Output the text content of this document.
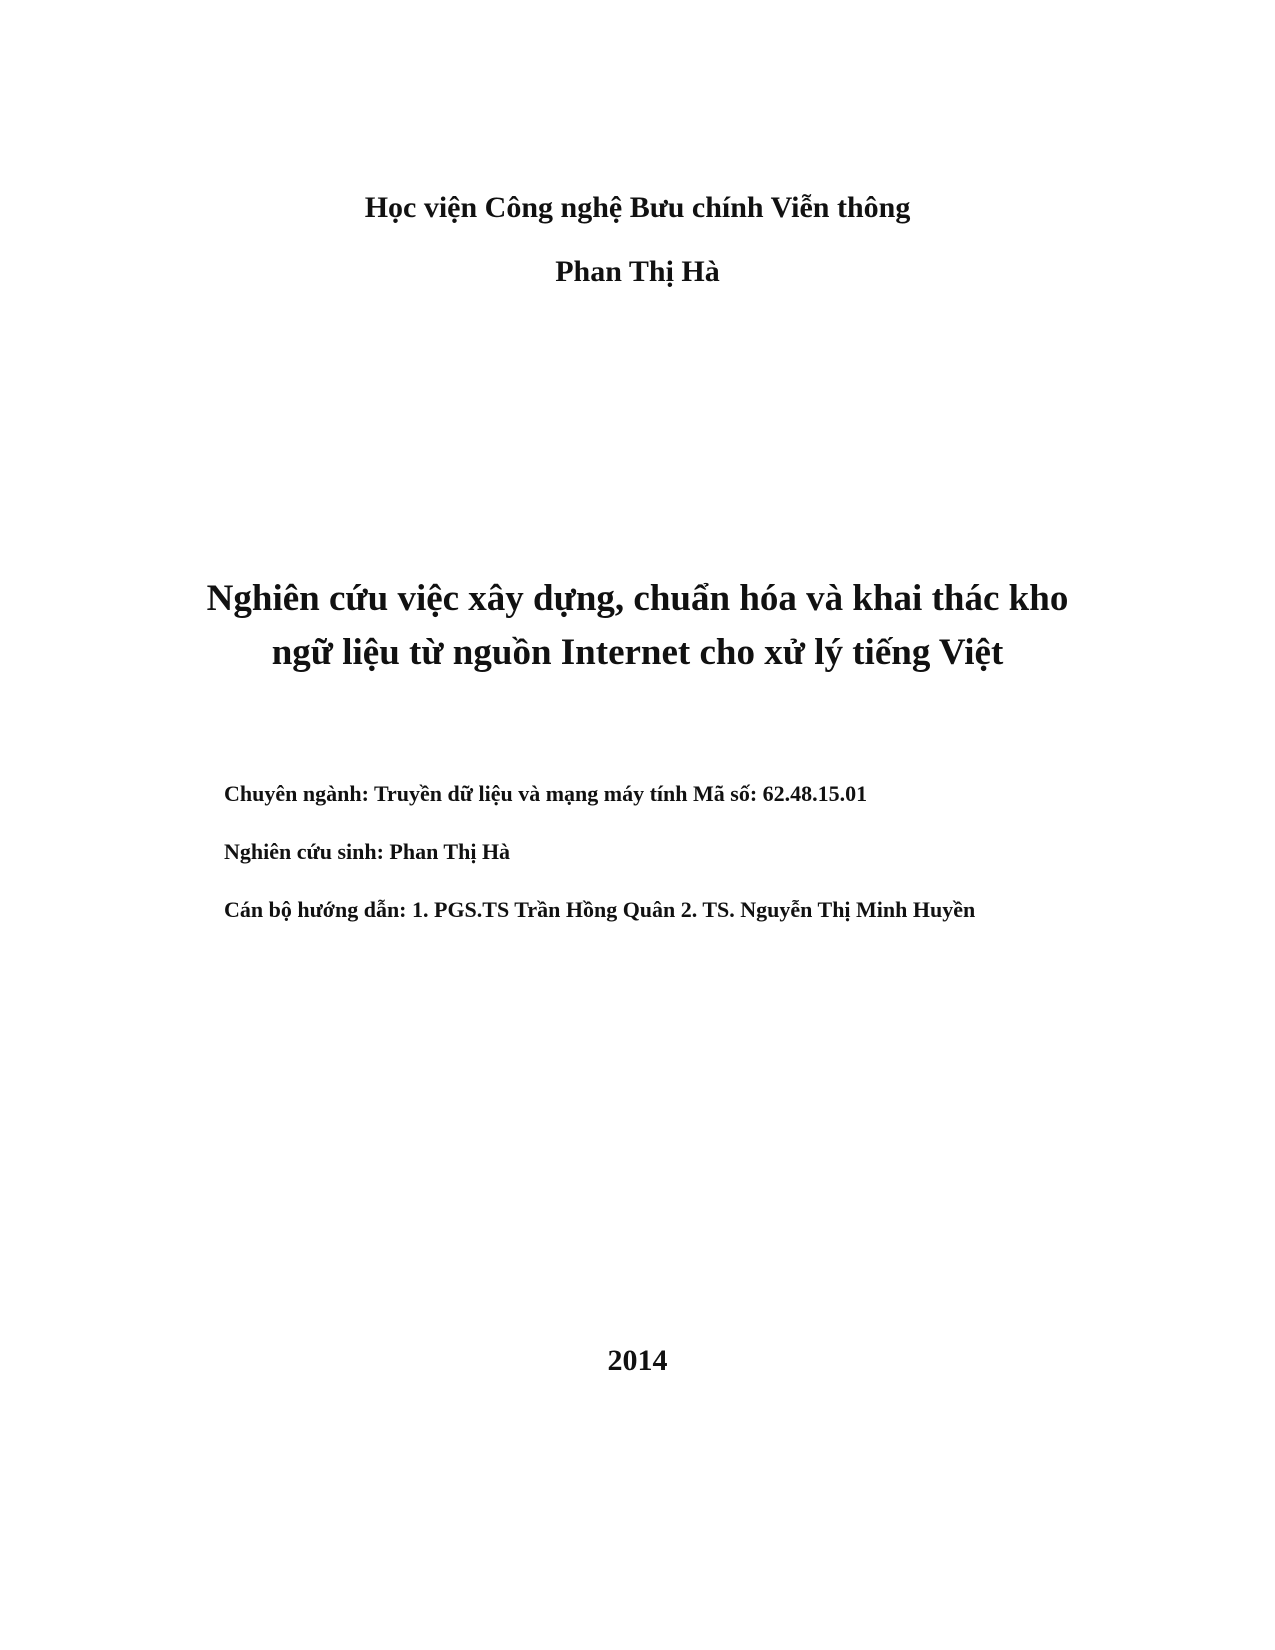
Học viện Công nghệ Bưu chính Viễn thông
Phan Thị Hà
Nghiên cứu việc xây dựng, chuẩn hóa và khai thác kho
ngữ liệu từ nguồn Internet cho xử lý tiếng Việt
Chuyên ngành: Truyền dữ liệu và mạng máy tính Mã số: 62.48.15.01
Nghiên cứu sinh: Phan Thị Hà
Cán bộ hướng dẫn: 1. PGS.TS Trần Hồng Quân 2. TS. Nguyễn Thị Minh Huyền
2014
